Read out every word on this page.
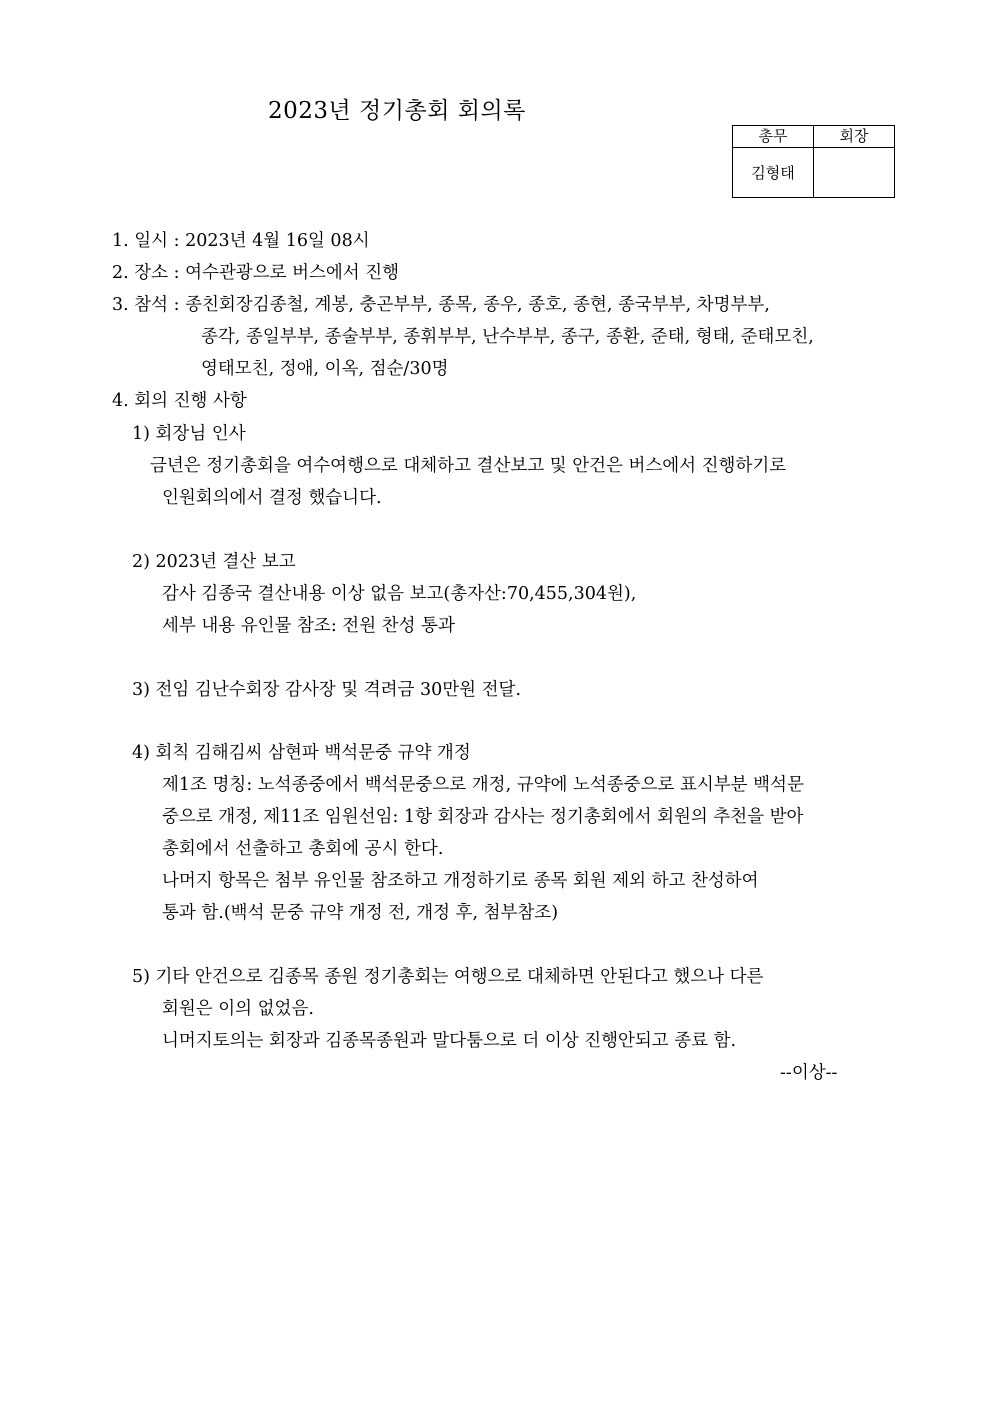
2023년 정기총회 회의록
총무	회장
김형태	
1. 일시 : 2023년 4월 16일 08시
2. 장소 : 여수관광으로 버스에서 진행
3. 참석 : 종친회장김종철, 계봉, 충곤부부, 종목, 종우, 종호, 종현, 종국부부, 차명부부,
종각, 종일부부, 종술부부, 종휘부부, 난수부부, 종구, 종환, 준태, 형태, 준태모친,
영태모친, 정애, 이옥, 점순/30명
4. 회의 진행 사항
1) 회장님 인사
금년은 정기총회을 여수여행으로 대체하고 결산보고 및 안건은 버스에서 진행하기로
인원회의에서 결정 했습니다.
2) 2023년 결산 보고
감사 김종국 결산내용 이상 없음 보고(총자산:70,455,304원),
세부 내용 유인물 참조: 전원 찬성 통과
3) 전임 김난수회장 감사장 및 격려금 30만원 전달.
4) 회칙 김해김씨 삼현파 백석문중 규약 개정
제1조 명칭: 노석종중에서 백석문중으로 개정, 규약에 노석종중으로 표시부분 백석문
중으로 개정, 제11조 임원선임: 1항 회장과 감사는 정기총회에서 회원의 추천을 받아
총회에서 선출하고 총회에 공시 한다.
나머지 항목은 첨부 유인물 참조하고 개정하기로 종목 회원 제외 하고 찬성하여
통과 함.(백석 문중 규약 개정 전, 개정 후, 첨부참조)
5) 기타 안건으로 김종목 종원 정기총회는 여행으로 대체하면 안된다고 했으나 다른
회원은 이의 없었음.
니머지토의는 회장과 김종목종원과 말다툼으로 더 이상 진행안되고 종료 함.
--이상--
